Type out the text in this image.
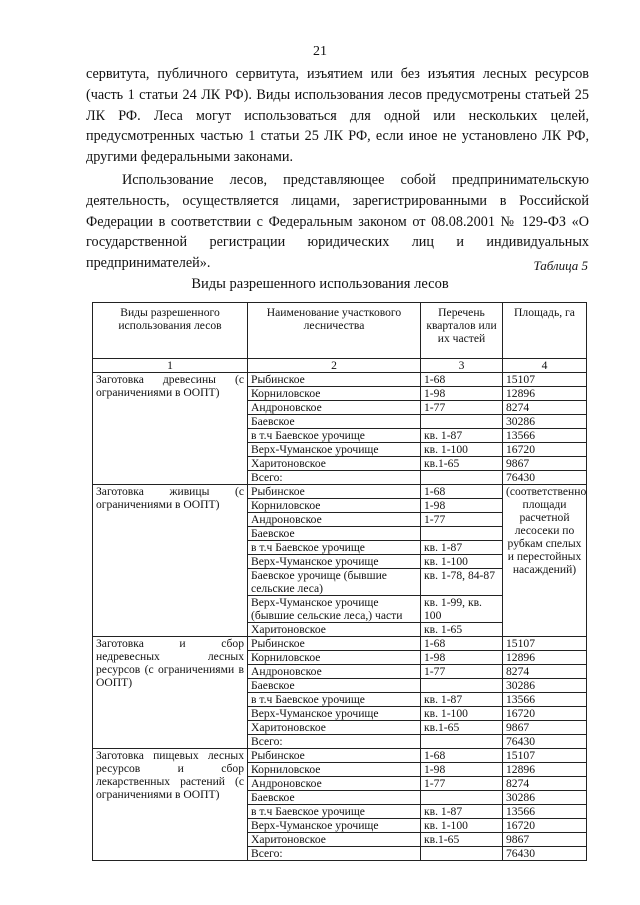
21

сервитута, публичного сервитута, изъятием или без изъятия лесных ресурсов (часть 1 статьи 24 ЛК РФ). Виды использования лесов предусмотрены статьей 25 ЛК РФ. Леса могут использоваться для одной или нескольких целей, предусмотренных частью 1 статьи 25 ЛК РФ, если иное не установлено ЛК РФ, другими федеральными законами.

Использование лесов, представляющее собой предпринимательскую деятельность, осуществляется лицами, зарегистрированными в Российской Федерации в соответствии с Федеральным законом от 08.08.2001 № 129-ФЗ «О государственной регистрации юридических лиц и индивидуальных предпринимателей».	Таблица 5
Виды разрешенного использования лесов
Виды разрешенного использования лесов	Наименование участкового лесничества	Перечень кварталов или их частей	Площадь, га
1	2	3	4
Заготовка древесины (с ограничениями в ООПТ)	Рыбинское	1-68	15107
	Корниловское	1-98	12896
	Андроновское	1-77	8274
	Баевское		30286
	в т.ч Баевское урочище	кв. 1-87	13566
	Верх-Чуманское урочище	кв. 1-100	16720
	Харитоновское	кв.1-65	9867
	Всего:		76430
Заготовка живицы (с ограничениями в ООПТ)	Рыбинское	1-68	(соответственно площади расчетной лесосеки по рубкам спелых и перестойных насаждений)
	Корниловское	1-98	
	Андроновское	1-77	
	Баевское		
	в т.ч Баевское урочище	кв. 1-87	
	Верх-Чуманское урочище	кв. 1-100	
	Баевское урочище (бывшие сельские леса)	кв. 1-78, 84-87	
	Верх-Чуманское урочище (бывшие сельские леса,) части	кв. 1-99, кв. 100	
	Харитоновское	кв. 1-65	
Заготовка и сбор недревесных лесных ресурсов (с ограничениями в ООПТ)	Рыбинское	1-68	15107
	Корниловское	1-98	12896
	Андроновское	1-77	8274
	Баевское		30286
	в т.ч Баевское урочище	кв. 1-87	13566
	Верх-Чуманское урочище	кв. 1-100	16720
	Харитоновское	кв.1-65	9867
	Всего:		76430
Заготовка пищевых лесных ресурсов и сбор лекарственных растений (с ограничениями в ООПТ)	Рыбинское	1-68	15107
	Корниловское	1-98	12896
	Андроновское	1-77	8274
	Баевское		30286
	в т.ч Баевское урочище	кв. 1-87	13566
	Верх-Чуманское урочище	кв. 1-100	16720
	Харитоновское	кв.1-65	9867
	Всего:		76430
